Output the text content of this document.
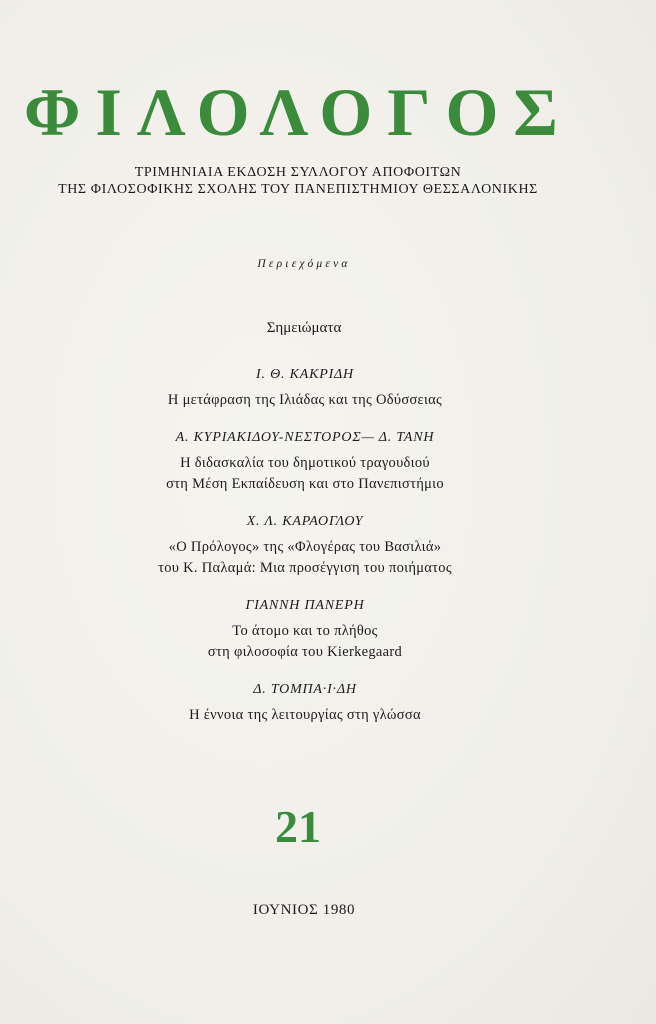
ΦΙΛΟΛΟΓΟΣ
ΤΡΙΜΗΝΙΑΙΑ ΕΚΔΟΣΗ ΣΥΛΛΟΓΟΥ ΑΠΟΦΟΙΤΩΝ
ΤΗΣ ΦΙΛΟΣΟΦΙΚΗΣ ΣΧΟΛΗΣ ΤΟΥ ΠΑΝΕΠΙΣΤΗΜΙΟΥ ΘΕΣΣΑΛΟΝΙΚΗΣ
Περιεχόμενα
Σημειώματα
Ι. Θ. ΚΑΚΡΙΔΗ
Η μετάφραση της Ιλιάδας και της Οδύσσειας
Α. ΚΥΡΙΑΚΙΔΟΥ-ΝΕΣΤΟΡΟΣ— Δ. ΤΑΝΗ
Η διδασκαλία του δημοτικού τραγουδιού
στη Μέση Εκπαίδευση και στο Πανεπιστήμιο
Χ. Λ. ΚΑΡΑΟΓΛΟΥ
«Ο Πρόλογος» της «Φλογέρας του Βασιλιά»
του Κ. Παλαμά: Μια προσέγγιση του ποιήματος
ΓΙΑΝΝΗ ΠΑΝΕΡΗ
Το άτομο και το πλήθος
στη φιλοσοφία του Kierkegaard
Δ. ΤΟΜΠΑ·Ι·ΔΗ
Η έννοια της λειτουργίας στη γλώσσα
21
ΙΟΥΝΙΟΣ 1980
